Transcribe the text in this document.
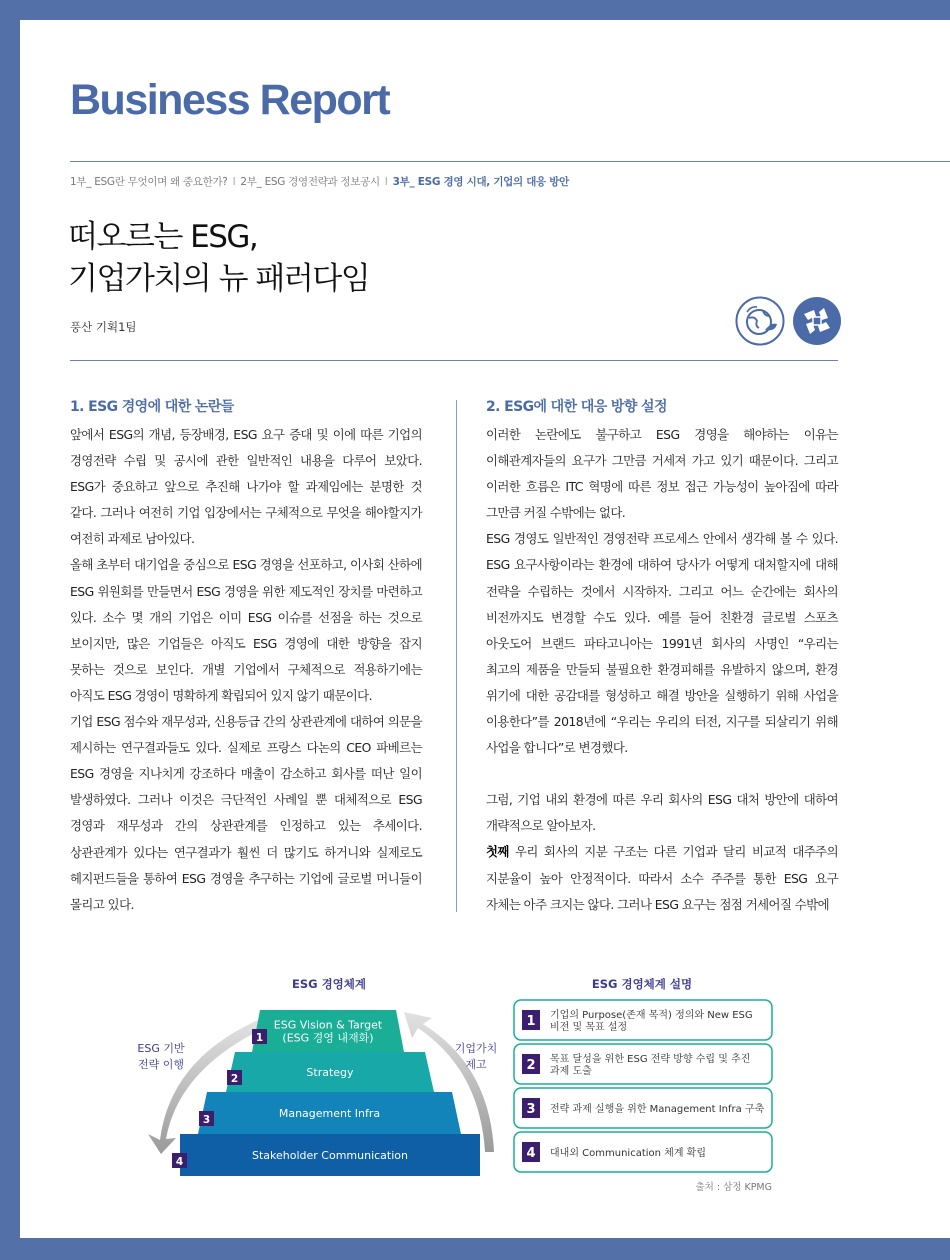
Business Report
1부_ ESG란 무엇이며 왜 중요한가? I 2부_ ESG 경영전략과 정보공시 I 3부_ ESG 경영 시대, 기업의 대응 방안
떠오르는 ESG,
기업가치의 뉴 패러다임
풍산 기획1팀
1. ESG 경영에 대한 논란들

앞에서 ESG의 개념, 등장배경, ESG 요구 증대 및 이에 따른 기업의 경영전략 수립 및 공시에 관한 일반적인 내용을 다루어 보았다. ESG가 중요하고 앞으로 추진해 나가야 할 과제임에는 분명한 것 같다. 그러나 여전히 기업 입장에서는 구체적으로 무엇을 해야할지가 여전히 과제로 남아있다.

올해 초부터 대기업을 중심으로 ESG 경영을 선포하고, 이사회 산하에 ESG 위원회를 만들면서 ESG 경영을 위한 제도적인 장치를 마련하고 있다. 소수 몇 개의 기업은 이미 ESG 이슈를 선점을 하는 것으로 보이지만, 많은 기업들은 아직도 ESG 경영에 대한 방향을 잡지 못하는 것으로 보인다. 개별 기업에서 구체적으로 적용하기에는 아직도 ESG 경영이 명확하게 확립되어 있지 않기 때문이다.

기업 ESG 점수와 재무성과, 신용등급 간의 상관관계에 대하여 의문을 제시하는 연구결과들도 있다. 실제로 프랑스 다논의 CEO 파베르는 ESG 경영을 지나치게 강조하다 매출이 감소하고 회사를 떠난 일이 발생하였다. 그러나 이것은 극단적인 사례일 뿐 대체적으로 ESG 경영과 재무성과 간의 상관관계를 인정하고 있는 추세이다. 상관관계가 있다는 연구결과가 훨씬 더 많기도 하거니와 실제로도 헤지펀드들을 통하여 ESG 경영을 추구하는 기업에 글로벌 머니들이 몰리고 있다.

2. ESG에 대한 대응 방향 설정

이러한 논란에도 불구하고 ESG 경영을 해야하는 이유는 이해관계자들의 요구가 그만큼 거세져 가고 있기 때문이다. 그리고 이러한 흐름은 ITC 혁명에 따른 정보 접근 가능성이 높아짐에 따라 그만큼 커질 수밖에는 없다.

ESG 경영도 일반적인 경영전략 프로세스 안에서 생각해 볼 수 있다. ESG 요구사항이라는 환경에 대하여 당사가 어떻게 대처할지에 대해 전략을 수립하는 것에서 시작하자. 그리고 어느 순간에는 회사의 비전까지도 변경할 수도 있다. 예를 들어 친환경 글로벌 스포츠 아웃도어 브랜드 파타고니아는 1991년 회사의 사명인 “우리는 최고의 제품을 만들되 불필요한 환경피해를 유발하지 않으며, 환경 위기에 대한 공감대를 형성하고 해결 방안을 실행하기 위해 사업을 이용한다”를 2018년에 “우리는 우리의 터전, 지구를 되살리기 위해 사업을 합니다”로 변경했다.

그럼, 기업 내외 환경에 따른 우리 회사의 ESG 대처 방안에 대하여 개략적으로 알아보자.

첫째 우리 회사의 지분 구조는 다른 기업과 달리 비교적 대주주의 지분율이 높아 안정적이다. 따라서 소수 주주를 통한 ESG 요구 자체는 아주 크지는 않다. 그러나 ESG 요구는 점점 거세어질 수밖에

ESG 경영체계	ESG 경영체계 설명
ESG 기반
전략 이행
기업가치
제고
ESG Vision & Target
(ESG 경영 내재화)
1
Strategy
2
Management Infra
3
Stakeholder Communication
4
1 기업의 Purpose(존재 목적) 정의와 New ESG
비전 및 목표 설정
2 목표 달성을 위한 ESG 전략 방향 수립 및 추진
과제 도출
3 전략 과제 실행을 위한 Management Infra 구축
4 대내외 Communication 체계 확립
출처 : 삼정 KPMG
